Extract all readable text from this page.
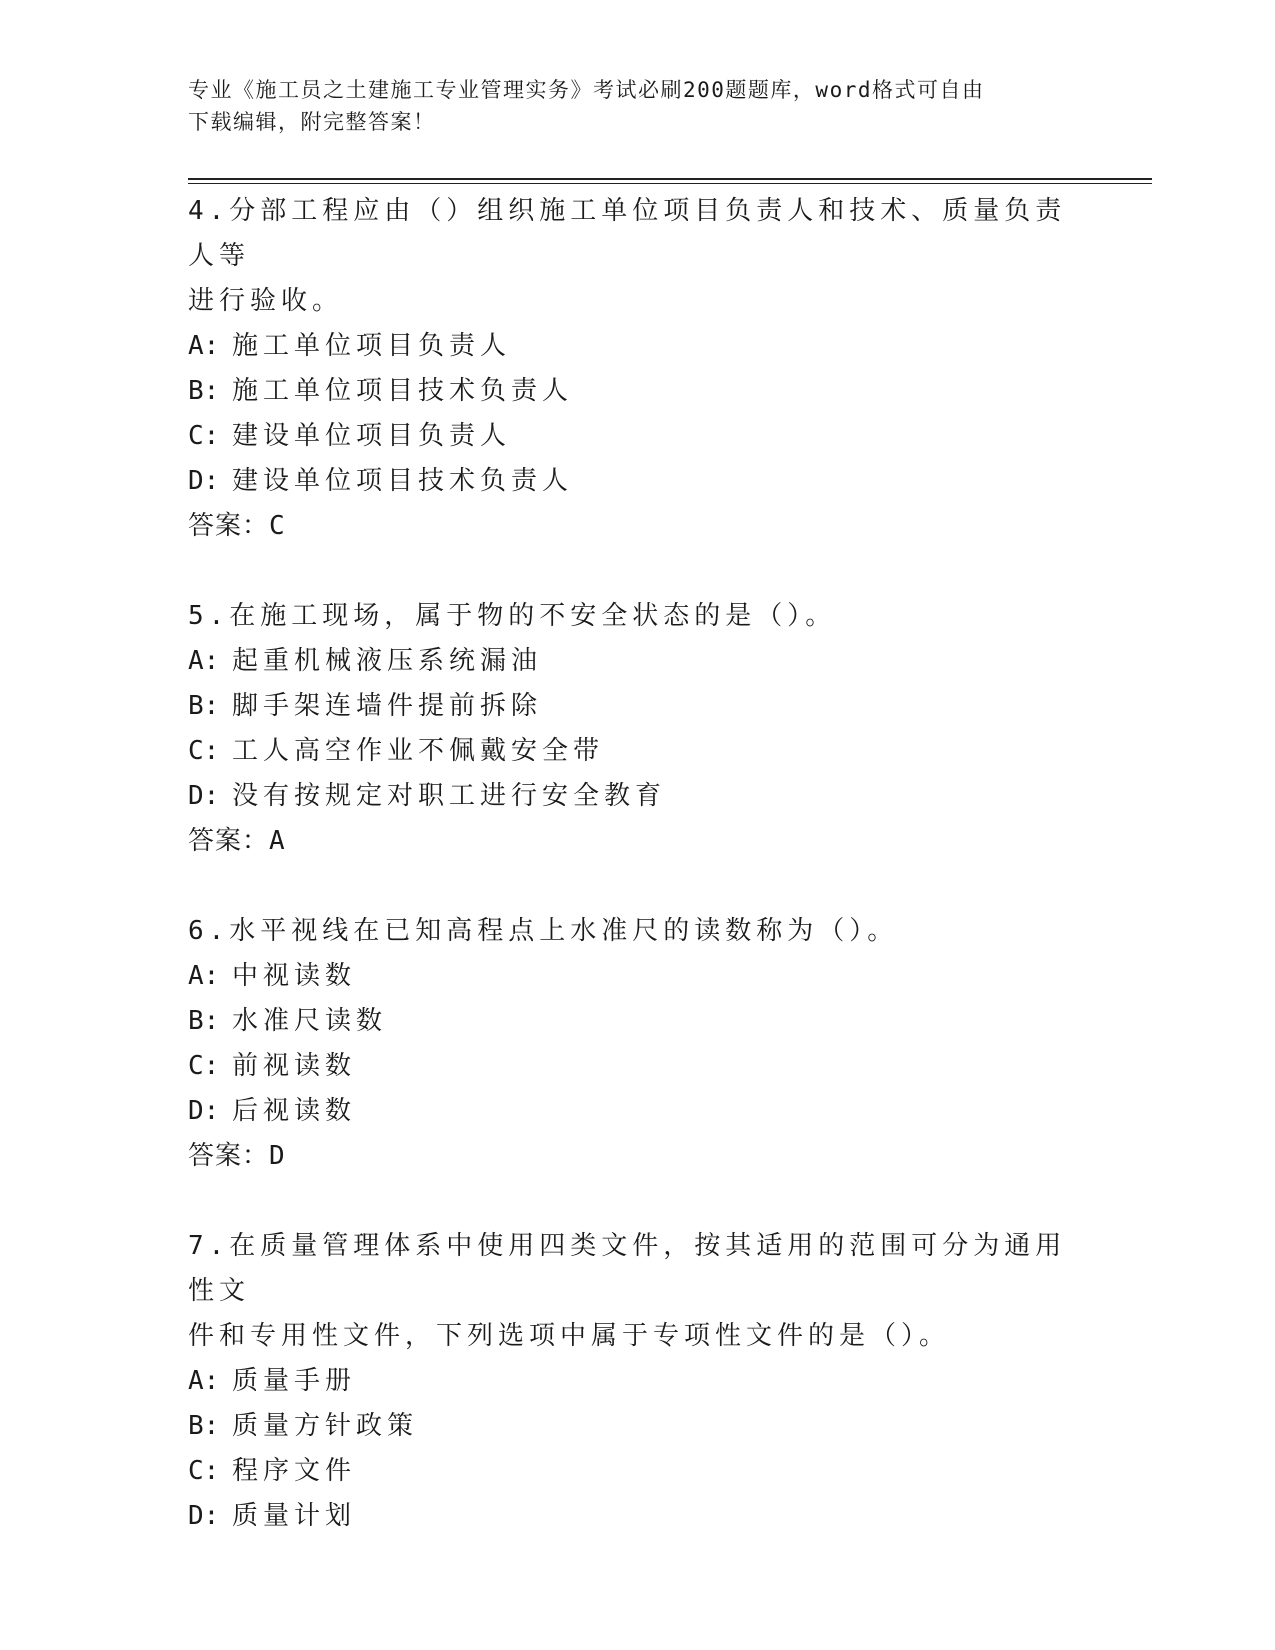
专业《施工员之土建施工专业管理实务》考试必刷200题题库，word格式可自由
下载编辑，附完整答案！
4.分部工程应由（）组织施工单位项目负责人和技术、质量负责人等
进行验收。
A: 施工单位项目负责人
B: 施工单位项目技术负责人
C: 建设单位项目负责人
D: 建设单位项目技术负责人
答案：C
5.在施工现场，属于物的不安全状态的是（）。
A: 起重机械液压系统漏油
B: 脚手架连墙件提前拆除
C: 工人高空作业不佩戴安全带
D: 没有按规定对职工进行安全教育
答案：A
6.水平视线在已知高程点上水准尺的读数称为（）。
A: 中视读数
B: 水准尺读数
C: 前视读数
D: 后视读数
答案：D
7.在质量管理体系中使用四类文件，按其适用的范围可分为通用性文
件和专用性文件，下列选项中属于专项性文件的是（）。
A: 质量手册
B: 质量方针政策
C: 程序文件
D: 质量计划
